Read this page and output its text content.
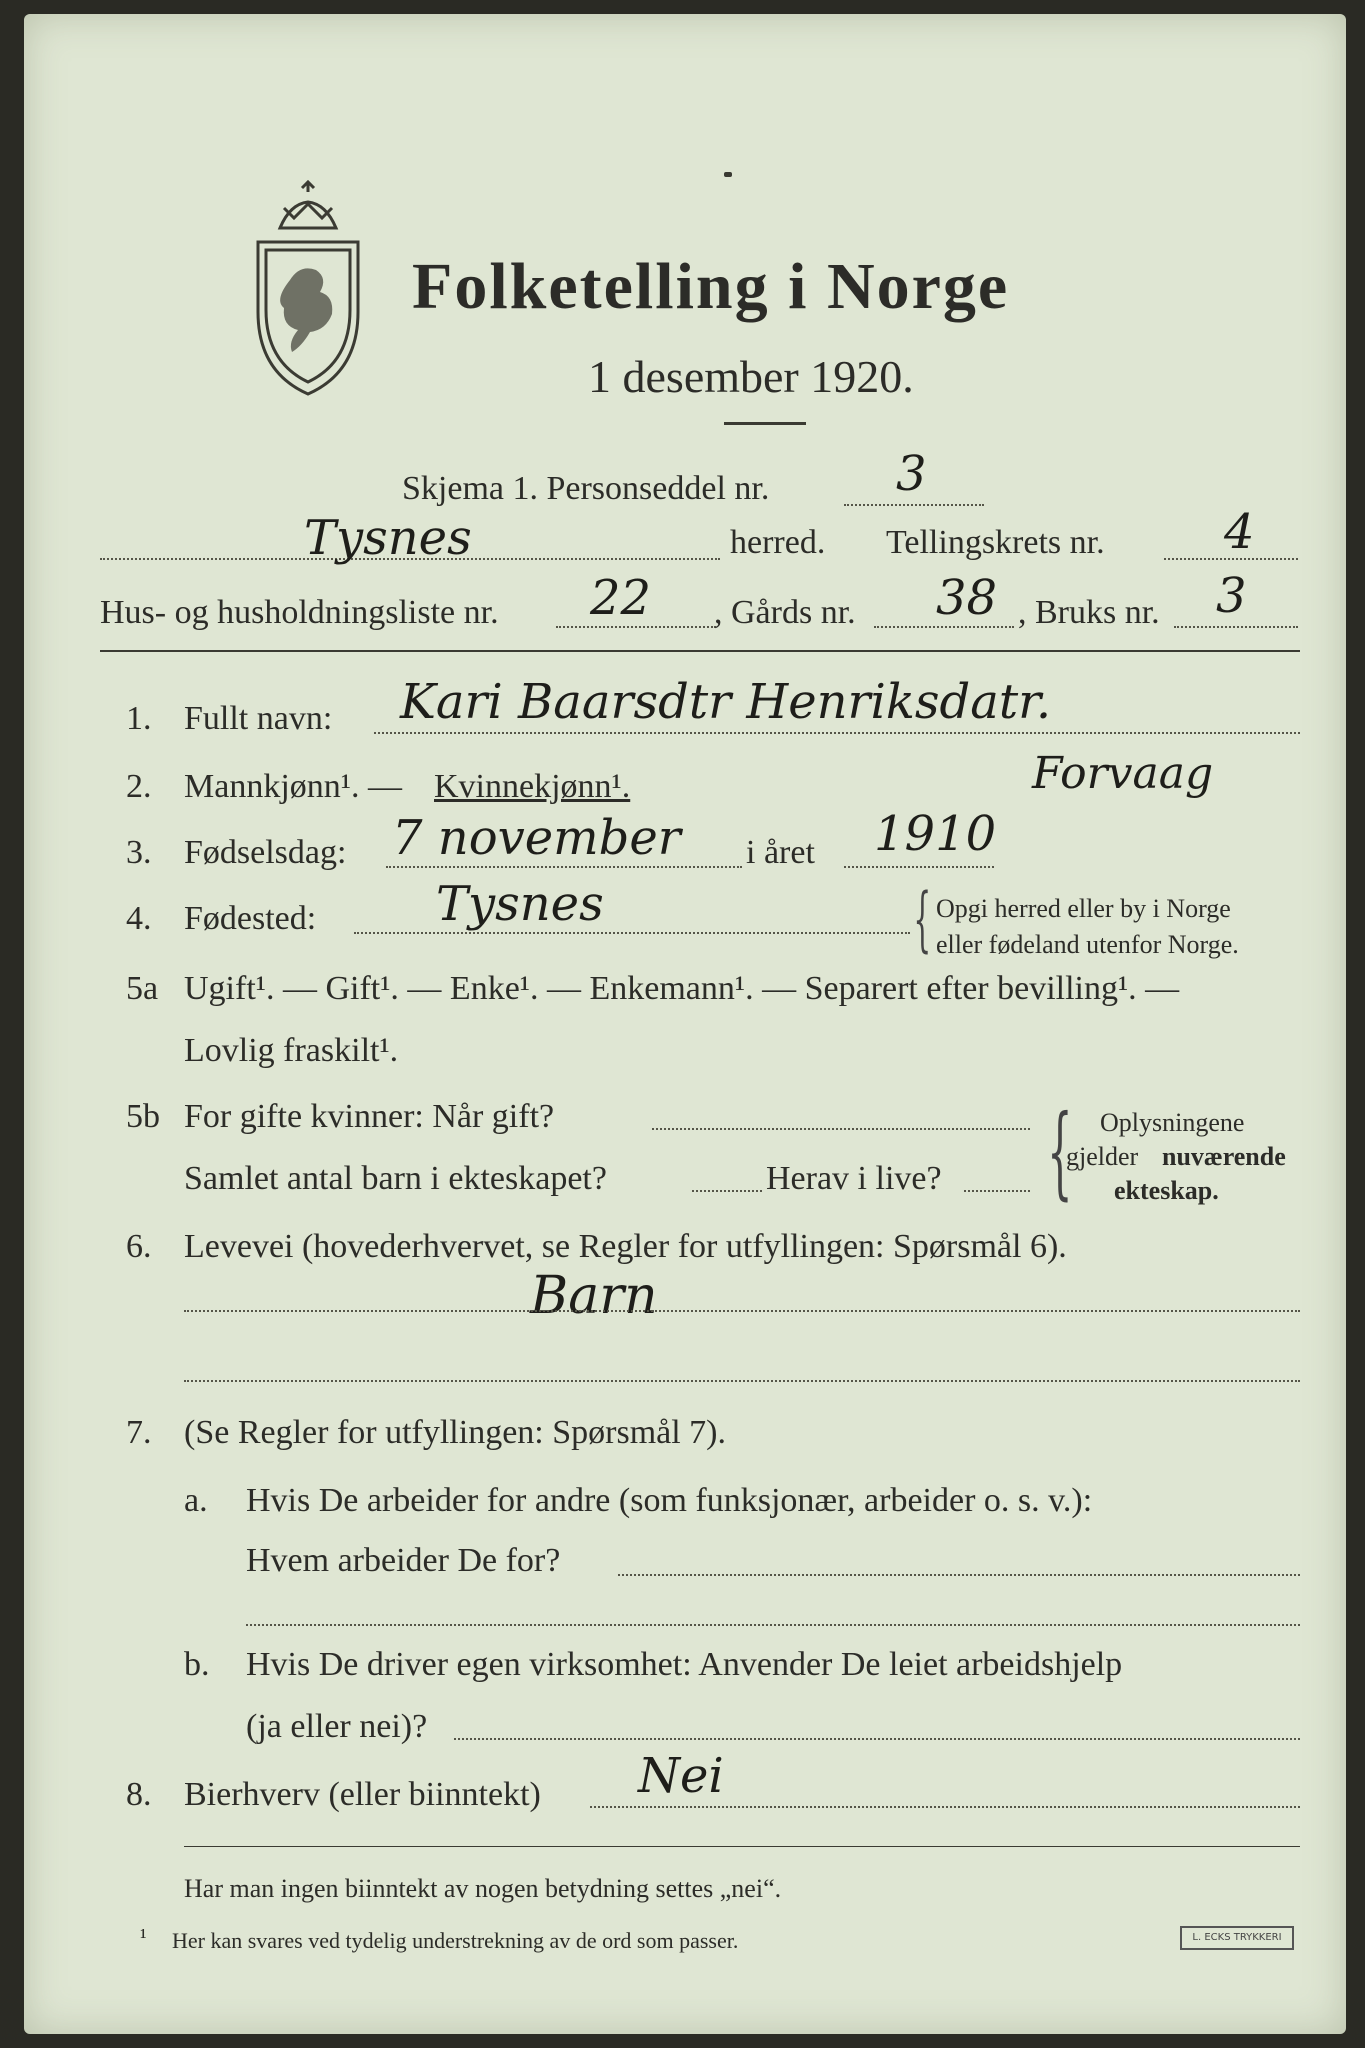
Folketelling i Norge
1 desember 1920.
Skjema 1. Personseddel nr.	3
Tysnes	herred. Tellingskrets nr. 4
Hus- og husholdningsliste nr. 22 , Gårds nr. 38 , Bruks nr. 3
1. Fullt navn: Kari Baarsdtr Henriksdatr.
Forvaag
2. Mannkjønn¹. — Kvinnekjønn¹.
3. Fødselsdag: 7 november i året 1910
4. Fødested: Tysnes	{ Opgi herred eller by i Norge
eller fødeland utenfor Norge.
5a Ugift¹. — Gift¹. — Enke¹. — Enkemann¹. — Separert efter bevilling¹. —
Lovlig fraskilt¹.
5b For gifte kvinner: Når gift?
Samlet antal barn i ekteskapet?	Herav i live? { Oplysningene
gjelder nuværende
ekteskap.
6. Levevei (hovederhvervet, se Regler for utfyllingen: Spørsmål 6).
Barn
7. (Se Regler for utfyllingen: Spørsmål 7).
a. Hvis De arbeider for andre (som funksjonær, arbeider o. s. v.):
Hvem arbeider De for?
b. Hvis De driver egen virksomhet: Anvender De leiet arbeidshjelp
(ja eller nei)?
8. Bierhverv (eller biinntekt) Nei
Har man ingen biinntekt av nogen betydning settes „nei“.
¹ Her kan svares ved tydelig understrekning av de ord som passer.	L. ECKS TRYKKERI
